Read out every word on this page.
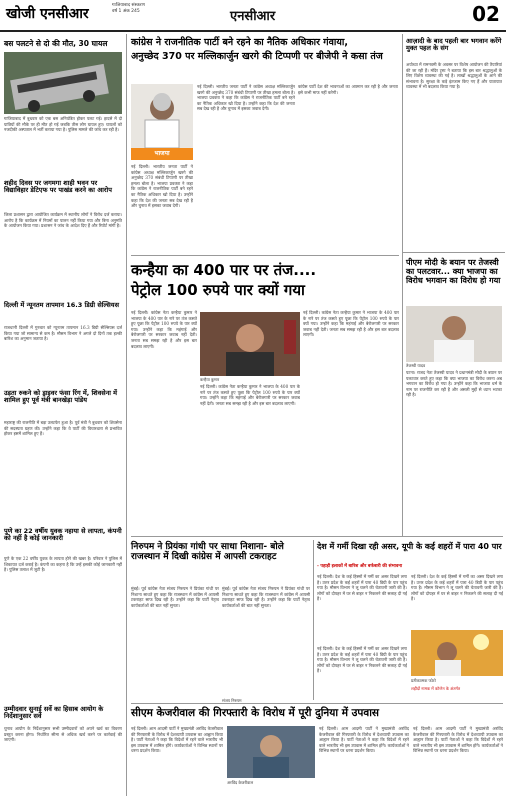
खोजी एनसीआर
गाजियाबाद संस्करण
वर्ष 1 अंक 245	एनसीआर	02
बस पलटने से दो की मौत, 30 घायल
गाजियाबाद में बुधवार को एक बस अनियंत्रित होकर पलट गई। हादसे में दो यात्रियों की मौके पर ही मौत हो गई जबकि तीस लोग घायल हुए। घायलों को नजदीकी अस्पताल में भर्ती कराया गया है। पुलिस मामले की जांच कर रही है।
शहीद दिवस पर जगमगा शाही भवन पर विद्याविहार डेटिएफ पर पाखंड करने का आरोप
जिला प्रशासन द्वारा आयोजित कार्यक्रम में स्थानीय लोगों ने विरोध दर्ज कराया। आरोप है कि कार्यक्रम में नियमों का पालन नहीं किया गया और बिना अनुमति के आयोजन किया गया। प्रशासन ने जांच के आदेश दिए हैं और रिपोर्ट मांगी है।
दिल्ली में न्यूनतम तापमान 16.3 डिग्री सेल्सियस
राजधानी दिल्ली में गुरुवार को न्यूनतम तापमान 16.3 डिग्री सेल्सियस दर्ज किया गया जो सामान्य से कम है। मौसम विभाग ने अगले दो दिनों तक हल्की बारिश का अनुमान जताया है।
उड़ता रुकने को ड्राइवर फंसा रिंग में, शिवसेना में शामिल हुए पूर्व मंत्री बानखेड़ा पांडेय
महाराष्ट्र की राजनीति में बड़ा उलटफेर हुआ है। पूर्व मंत्री ने बुधवार को शिवसेना की सदस्यता ग्रहण की। उन्होंने कहा कि वे पार्टी की विचारधारा से प्रभावित होकर इसमें शामिल हुए हैं।
पुणे का 22 वर्षीय युवक नहाया से लापता, कंपनी को नहीं है कोई जानकारी
पुणे के एक 22 वर्षीय युवक के लापता होने की खबर है। परिवार ने पुलिस में शिकायत दर्ज कराई है। कंपनी का कहना है कि उन्हें इसकी कोई जानकारी नहीं है। पुलिस तलाश में जुटी है।
उम्मीदवार सुनाई सर्वे का हिसाब आयोग के निर्देशानुसार सर्वे
चुनाव आयोग के निर्देशानुसार सभी उम्मीदवारों को अपने खर्च का विवरण प्रस्तुत करना होगा। निर्धारित सीमा से अधिक खर्च करने पर कार्रवाई की जाएगी।
कांग्रेस ने राजनीतिक पार्टी बने रहने का नैतिक अधिकार गंवाया,
अनुच्छेद 370 पर मल्लिकार्जुन खरगे की टिप्पणी पर बीजेपी ने कसा तंज
भाजपा
नई दिल्ली। भारतीय जनता पार्टी ने कांग्रेस अध्यक्ष मल्लिकार्जुन खरगे की अनुच्छेद 370 संबंधी टिप्पणी पर तीखा हमला बोला है। भाजपा प्रवक्ता ने कहा कि कांग्रेस ने राजनीतिक पार्टी बने रहने का नैतिक अधिकार खो दिया है। उन्होंने कहा कि देश की जनता सब देख रही है और चुनाव में इसका जवाब देगी।
कांग्रेस पार्टी देश की भावनाओं का अपमान कर रही है और जनता इसे कभी माफ नहीं करेगी।
नई दिल्ली। भारतीय जनता पार्टी ने कांग्रेस अध्यक्ष मल्लिकार्जुन खरगे की अनुच्छेद 370 संबंधी टिप्पणी पर तीखा हमला बोला है। भाजपा प्रवक्ता ने कहा कि कांग्रेस ने राजनीतिक पार्टी बने रहने का नैतिक अधिकार खो दिया है। उन्होंने कहा कि देश की जनता सब देख रही है और चुनाव में इसका जवाब देगी।
कन्हैया का 400 पार पर तंज....
पेट्रोल 100 रुपये पार क्यों गया
नई दिल्ली। कांग्रेस नेता कन्हैया कुमार ने भाजपा के 400 पार के नारे पर तंज कसते हुए पूछा कि पेट्रोल 100 रुपये के पार क्यों गया। उन्होंने कहा कि महंगाई और बेरोजगारी पर सरकार जवाब नहीं देती। जनता सब समझ रही है और इस बार बदलाव लाएगी।
कन्हैया कुमार
नई दिल्ली। कांग्रेस नेता कन्हैया कुमार ने भाजपा के 400 पार के नारे पर तंज कसते हुए पूछा कि पेट्रोल 100 रुपये के पार क्यों गया। उन्होंने कहा कि महंगाई और बेरोजगारी पर सरकार जवाब नहीं देती। जनता सब समझ रही है और इस बार बदलाव लाएगी।
नई दिल्ली। कांग्रेस नेता कन्हैया कुमार ने भाजपा के 400 पार के नारे पर तंज कसते हुए पूछा कि पेट्रोल 100 रुपये के पार क्यों गया। उन्होंने कहा कि महंगाई और बेरोजगारी पर सरकार जवाब नहीं देती। जनता सब समझ रही है और इस बार बदलाव लाएगी।
आज़ादी के बाद पहली बार भगवान करेंगे मुक्त पहल के संग
अयोध्या में रामनवमी के अवसर पर विशेष आयोजन की तैयारियां की जा रही हैं। मंदिर ट्रस्ट ने बताया कि इस बार श्रद्धालुओं के लिए विशेष व्यवस्था की गई है। लाखों श्रद्धालुओं के आने की संभावना है। सुरक्षा के कड़े इंतजाम किए गए हैं और यातायात व्यवस्था में भी बदलाव किया गया है।
पीएम मोदी के बयान पर तेजस्वी का पलटवार... क्या भाजपा का विरोध भगवान का विरोध हो गया
तेजस्वी यादव
पटना। राजद नेता तेजस्वी यादव ने प्रधानमंत्री मोदी के बयान पर पलटवार करते हुए कहा कि क्या भाजपा का विरोध करना अब भगवान का विरोध हो गया है। उन्होंने कहा कि भाजपा धर्म के नाम पर राजनीति कर रही है और असली मुद्दों से ध्यान भटका रही है।
निरुपम ने प्रियंका गांधी पर साधा निशाना- बोले राजस्थान में दिखी कांग्रेस में आपसी टकराहट
मुंबई। पूर्व कांग्रेस नेता संजय निरुपम ने प्रियंका गांधी पर निशाना साधते हुए कहा कि राजस्थान में कांग्रेस में आपसी टकराहट साफ दिख रही है। उन्होंने कहा कि पार्टी नेतृत्व कार्यकर्ताओं की बात नहीं सुनता।
मुंबई। पूर्व कांग्रेस नेता संजय निरुपम ने प्रियंका गांधी पर निशाना साधते हुए कहा कि राजस्थान में कांग्रेस में आपसी टकराहट साफ दिख रही है। उन्होंने कहा कि पार्टी नेतृत्व कार्यकर्ताओं की बात नहीं सुनता।
संजय निरुपम
देश में गर्मी दिखा रही असर, यूपी के कई शहरों में पारा 40 पार
- पहाड़ी इलाकों में बारिश और बर्फबारी की संभावना
नई दिल्ली। देश के कई हिस्सों में गर्मी का असर दिखने लगा है। उत्तर प्रदेश के कई शहरों में पारा 40 डिग्री के पार पहुंच गया है। मौसम विभाग ने लू चलने की चेतावनी जारी की है। लोगों को दोपहर में घर से बाहर न निकलने की सलाह दी गई है।
नई दिल्ली। देश के कई हिस्सों में गर्मी का असर दिखने लगा है। उत्तर प्रदेश के कई शहरों में पारा 40 डिग्री के पार पहुंच गया है। मौसम विभाग ने लू चलने की चेतावनी जारी की है। लोगों को दोपहर में घर से बाहर न निकलने की सलाह दी गई है।
प्रतीकात्मक फोटो
नई दिल्ली। देश के कई हिस्सों में गर्मी का असर दिखने लगा है। उत्तर प्रदेश के कई शहरों में पारा 40 डिग्री के पार पहुंच गया है। मौसम विभाग ने लू चलने की चेतावनी जारी की है। लोगों को दोपहर में घर से बाहर न निकलने की सलाह दी गई है।
शहीदों नामक में कॉन्टेन के अंतर्गत
सीएम केजरीवाल की गिरफ्तारी के विरोध में पूरी दुनिया में उपवास
नई दिल्ली। आम आदमी पार्टी ने मुख्यमंत्री अरविंद केजरीवाल की गिरफ्तारी के विरोध में देशव्यापी उपवास का आह्वान किया है। पार्टी नेताओं ने कहा कि विदेशों में रहने वाले भारतीय भी इस उपवास में शामिल होंगे। कार्यकर्ताओं ने विभिन्न स्थानों पर धरना प्रदर्शन किया।
अरविंद केजरीवाल
नई दिल्ली। आम आदमी पार्टी ने मुख्यमंत्री अरविंद केजरीवाल की गिरफ्तारी के विरोध में देशव्यापी उपवास का आह्वान किया है। पार्टी नेताओं ने कहा कि विदेशों में रहने वाले भारतीय भी इस उपवास में शामिल होंगे। कार्यकर्ताओं ने विभिन्न स्थानों पर धरना प्रदर्शन किया।
नई दिल्ली। आम आदमी पार्टी ने मुख्यमंत्री अरविंद केजरीवाल की गिरफ्तारी के विरोध में देशव्यापी उपवास का आह्वान किया है। पार्टी नेताओं ने कहा कि विदेशों में रहने वाले भारतीय भी इस उपवास में शामिल होंगे। कार्यकर्ताओं ने विभिन्न स्थानों पर धरना प्रदर्शन किया।
